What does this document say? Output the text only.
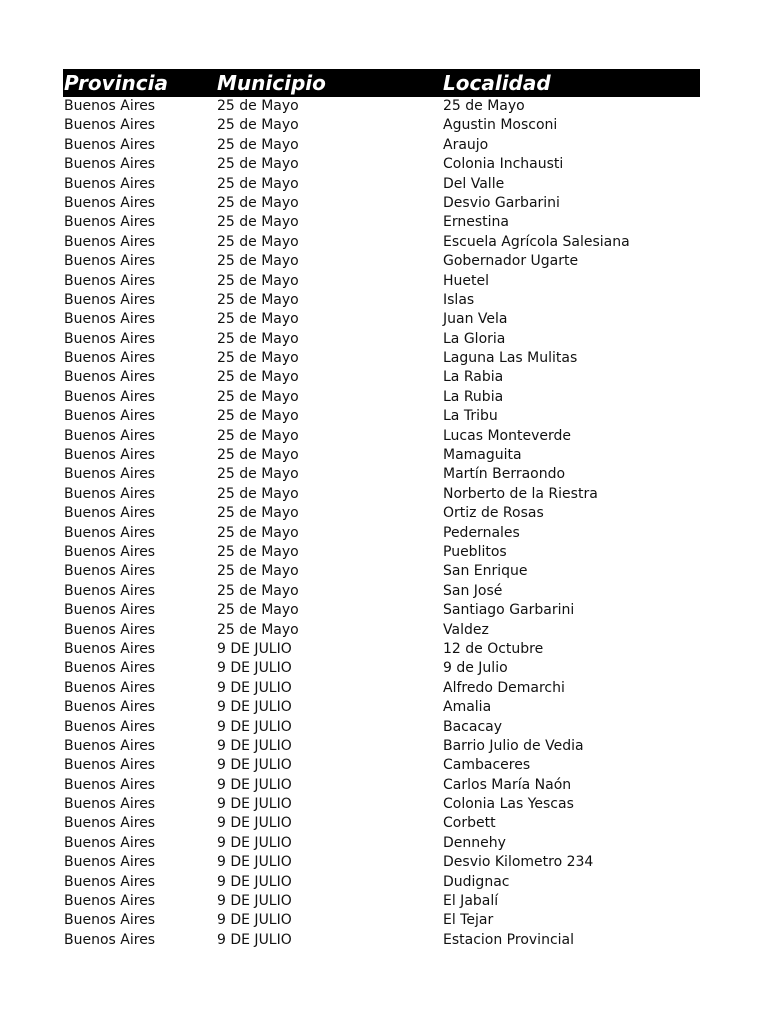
Provincia	Municipio	Localidad
Buenos Aires	25 de Mayo	25 de Mayo
Buenos Aires	25 de Mayo	Agustin Mosconi
Buenos Aires	25 de Mayo	Araujo
Buenos Aires	25 de Mayo	Colonia Inchausti
Buenos Aires	25 de Mayo	Del Valle
Buenos Aires	25 de Mayo	Desvio Garbarini
Buenos Aires	25 de Mayo	Ernestina
Buenos Aires	25 de Mayo	Escuela Agrícola Salesiana
Buenos Aires	25 de Mayo	Gobernador Ugarte
Buenos Aires	25 de Mayo	Huetel
Buenos Aires	25 de Mayo	Islas
Buenos Aires	25 de Mayo	Juan Vela
Buenos Aires	25 de Mayo	La Gloria
Buenos Aires	25 de Mayo	Laguna Las Mulitas
Buenos Aires	25 de Mayo	La Rabia
Buenos Aires	25 de Mayo	La Rubia
Buenos Aires	25 de Mayo	La Tribu
Buenos Aires	25 de Mayo	Lucas Monteverde
Buenos Aires	25 de Mayo	Mamaguita
Buenos Aires	25 de Mayo	Martín Berraondo
Buenos Aires	25 de Mayo	Norberto de la Riestra
Buenos Aires	25 de Mayo	Ortiz de Rosas
Buenos Aires	25 de Mayo	Pedernales
Buenos Aires	25 de Mayo	Pueblitos
Buenos Aires	25 de Mayo	San Enrique
Buenos Aires	25 de Mayo	San José
Buenos Aires	25 de Mayo	Santiago Garbarini
Buenos Aires	25 de Mayo	Valdez
Buenos Aires	9 DE JULIO	12 de Octubre
Buenos Aires	9 DE JULIO	9 de Julio
Buenos Aires	9 DE JULIO	Alfredo Demarchi
Buenos Aires	9 DE JULIO	Amalia
Buenos Aires	9 DE JULIO	Bacacay
Buenos Aires	9 DE JULIO	Barrio Julio de Vedia
Buenos Aires	9 DE JULIO	Cambaceres
Buenos Aires	9 DE JULIO	Carlos María Naón
Buenos Aires	9 DE JULIO	Colonia Las Yescas
Buenos Aires	9 DE JULIO	Corbett
Buenos Aires	9 DE JULIO	Dennehy
Buenos Aires	9 DE JULIO	Desvio Kilometro 234
Buenos Aires	9 DE JULIO	Dudignac
Buenos Aires	9 DE JULIO	El Jabalí
Buenos Aires	9 DE JULIO	El Tejar
Buenos Aires	9 DE JULIO	Estacion Provincial
